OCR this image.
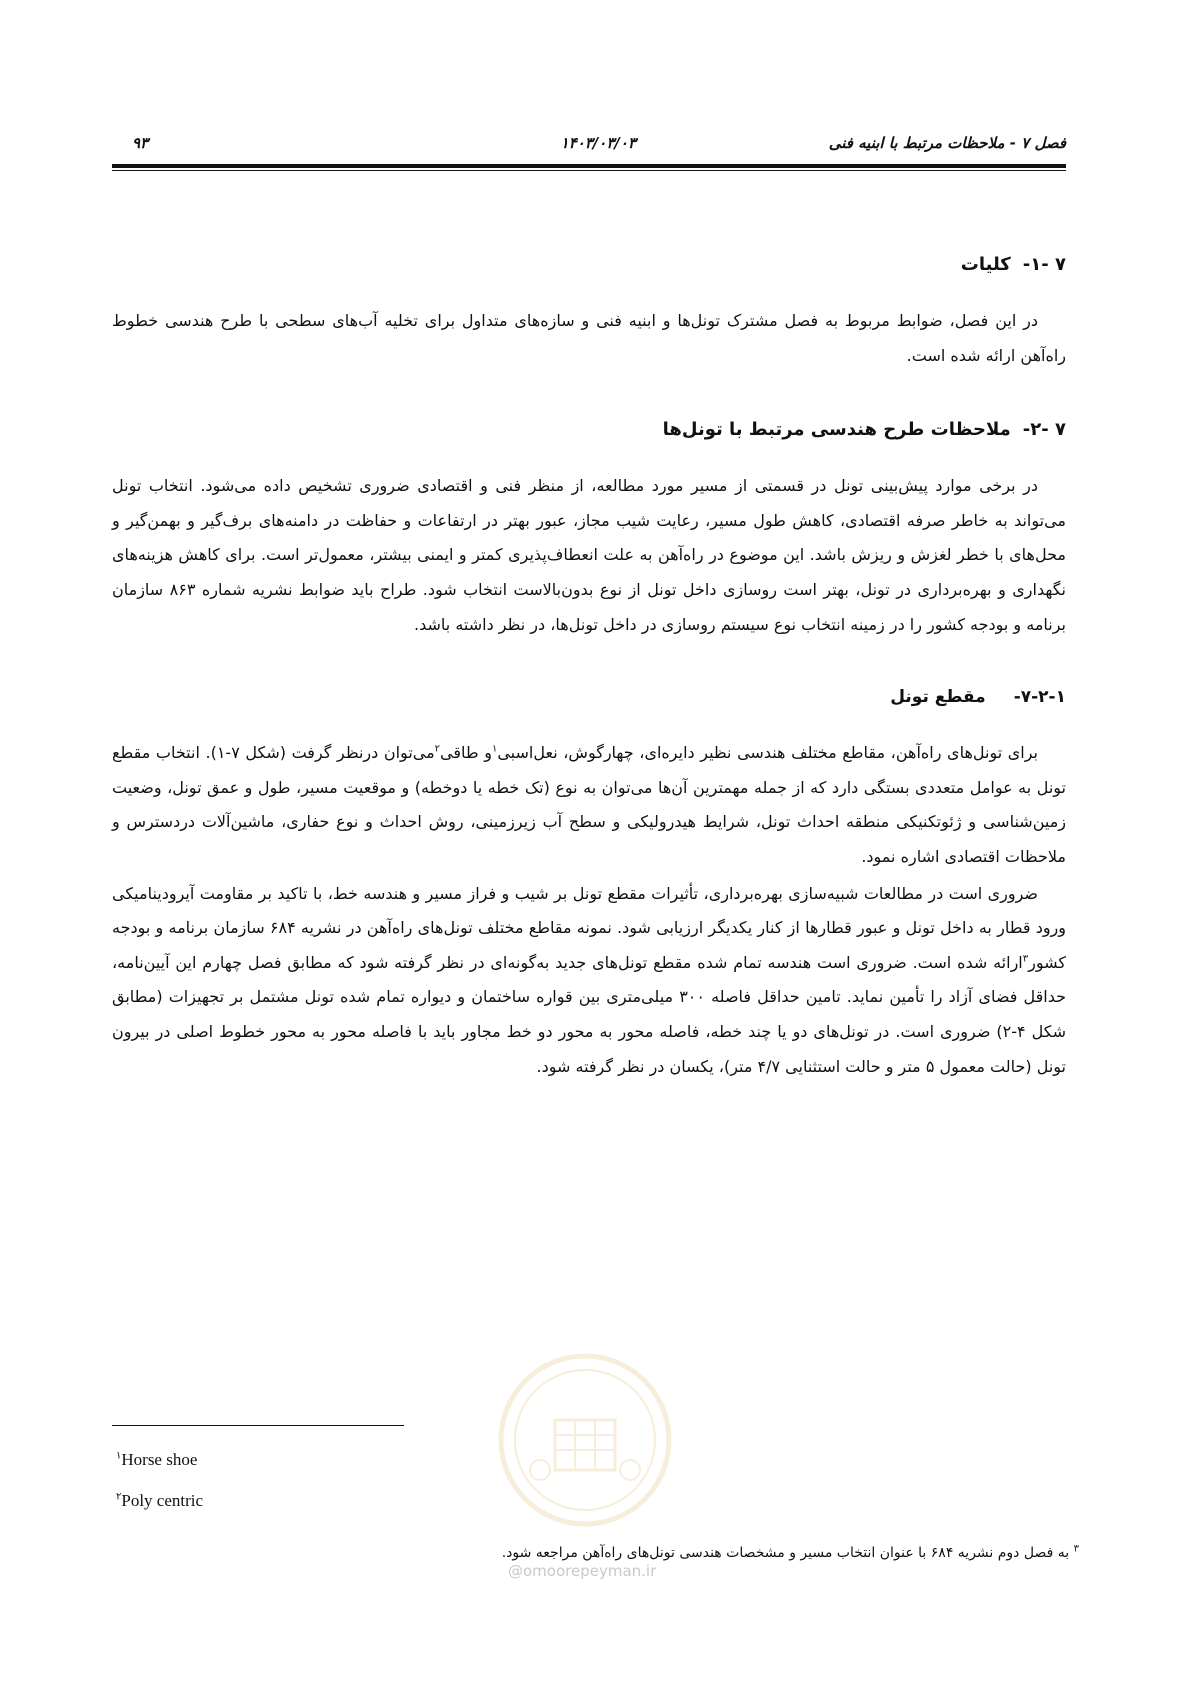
فصل ۷ - ملاحظات مرتبط با ابنیه فنی
۱۴۰۳/۰۳/۰۳
۹۳
۷ -۱-کلیات

در این فصل، ضوابط مربوط به فصل مشترک تونل‌ها و ابنیه فنی و سازه‌های متداول برای تخلیه آب‌های سطحی با طرح هندسی خطوط راه‌آهن ارائه شده است.

۷ -۲-ملاحظات طرح هندسی مرتبط با تونل‌ها

در برخی موارد پیش‌بینی تونل در قسمتی از مسیر مورد مطالعه، از منظر فنی و اقتصادی ضروری تشخیص داده می‌شود. انتخاب تونل می‌تواند به خاطر صرفه اقتصادی، کاهش طول مسیر، رعایت شیب مجاز، عبور بهتر در ارتفاعات و حفاظت در دامنه‌های برف‌گیر و بهمن‌گیر و محل‌های با خطر لغزش و ریزش باشد. این موضوع در راه‌آهن به علت انعطاف‌پذیری کمتر و ایمنی بیشتر، معمول‌تر است. برای کاهش هزینه‌های نگهداری و بهره‌برداری در تونل، بهتر است روسازی داخل تونل از نوع بدون‌بالاست انتخاب شود. طراح باید ضوابط نشریه شماره ۸۶۳ سازمان برنامه و بودجه کشور را در زمینه انتخاب نوع سیستم روسازی در داخل تونل‌ها، در نظر داشته باشد.

۷-۲-۱-مقطع تونل

برای تونل‌های راه‌آهن، مقاطع مختلف هندسی نظیر دایره‌ای، چهارگوش، نعل‌اسبی$^۱$و طاقی$^۲$می‌توان درنظر گرفت (شکل ۷-۱). انتخاب مقطع تونل به عوامل متعددی بستگی دارد که از جمله مهمترین آن‌ها می‌توان به نوع (تک خطه یا دوخطه) و موقعیت مسیر، طول و عمق تونل، وضعیت زمین‌شناسی و ژئوتکنیکی منطقه احداث تونل، شرایط هیدرولیکی و سطح آب زیرزمینی، روش احداث و نوع حفاری، ماشین‌آلات دردسترس و ملاحظات اقتصادی اشاره نمود.

ضروری است در مطالعات شبیه‌سازی بهره‌برداری، تأثیرات مقطع تونل بر شیب و فراز مسیر و هندسه خط، با تاکید بر مقاومت آیرودینامیکی ورود قطار به داخل تونل و عبور قطارها از کنار یکدیگر ارزیابی شود. نمونه مقاطع مختلف تونل‌های راه‌آهن در نشریه ۶۸۴ سازمان برنامه و بودجه کشور$^۳$ارائه شده است. ضروری است هندسه تمام شده مقطع تونل‌های جدید به‌گونه‌ای در نظر گرفته شود که مطابق فصل چهارم این آیین‌نامه، حداقل فضای آزاد را تأمین نماید. تامین حداقل فاصله ۳۰۰ میلی‌متری بین قواره ساختمان و دیواره تمام شده تونل مشتمل بر تجهیزات (مطابق شکل ۴-۲) ضروری است. در تونل‌های دو یا چند خطه، فاصله محور به محور دو خط مجاور باید با فاصله محور به محور خطوط اصلی در بیرون تونل (حالت معمول ۵ متر و حالت استثنایی ۴/۷ متر)، یکسان در نظر گرفته شود.

@omoorepeyman.ir
$^۱$Horse shoe
$^۲$Poly centric
$^۳$ به فصل دوم نشریه ۶۸۴ با عنوان انتخاب مسیر و مشخصات هندسی تونل‌های راه‌آهن مراجعه شود.
